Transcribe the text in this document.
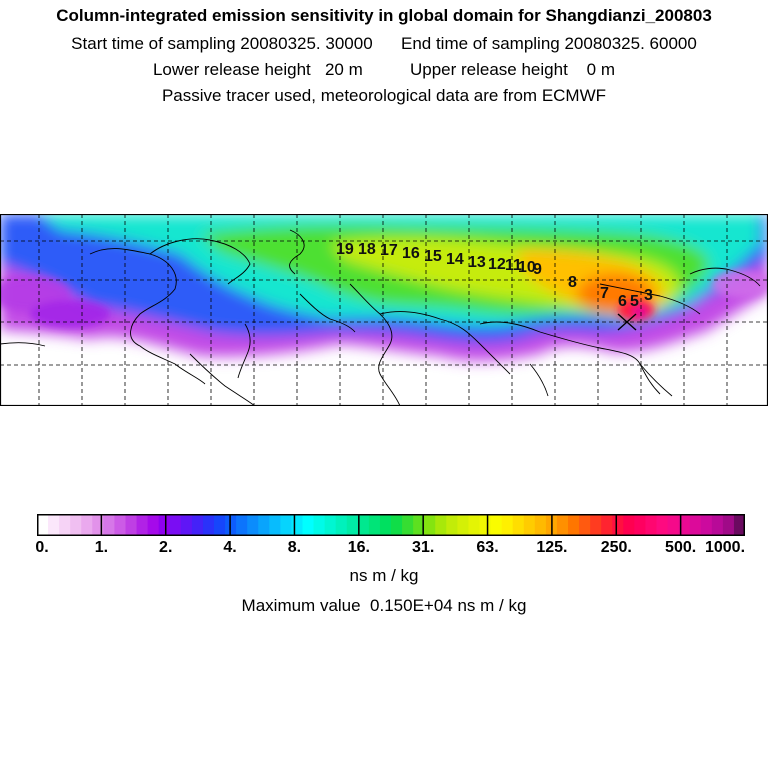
Column-integrated emission sensitivity in global domain for Shangdianzi_200803
Start time of sampling 20080325. 30000      End time of sampling 20080325. 60000
Lower release height   20 m          Upper release height    0 m
Passive tracer used, meteorological data are from ECMWF
19 18 17 16 15 14 13 12 11
10
9
8
7 6 5 3
0.	1.	2.	4.	8.	16.	31.	63. 125. 250. 500. 1000.
ns m / kg
Maximum value  0.150E+04 ns m / kg
